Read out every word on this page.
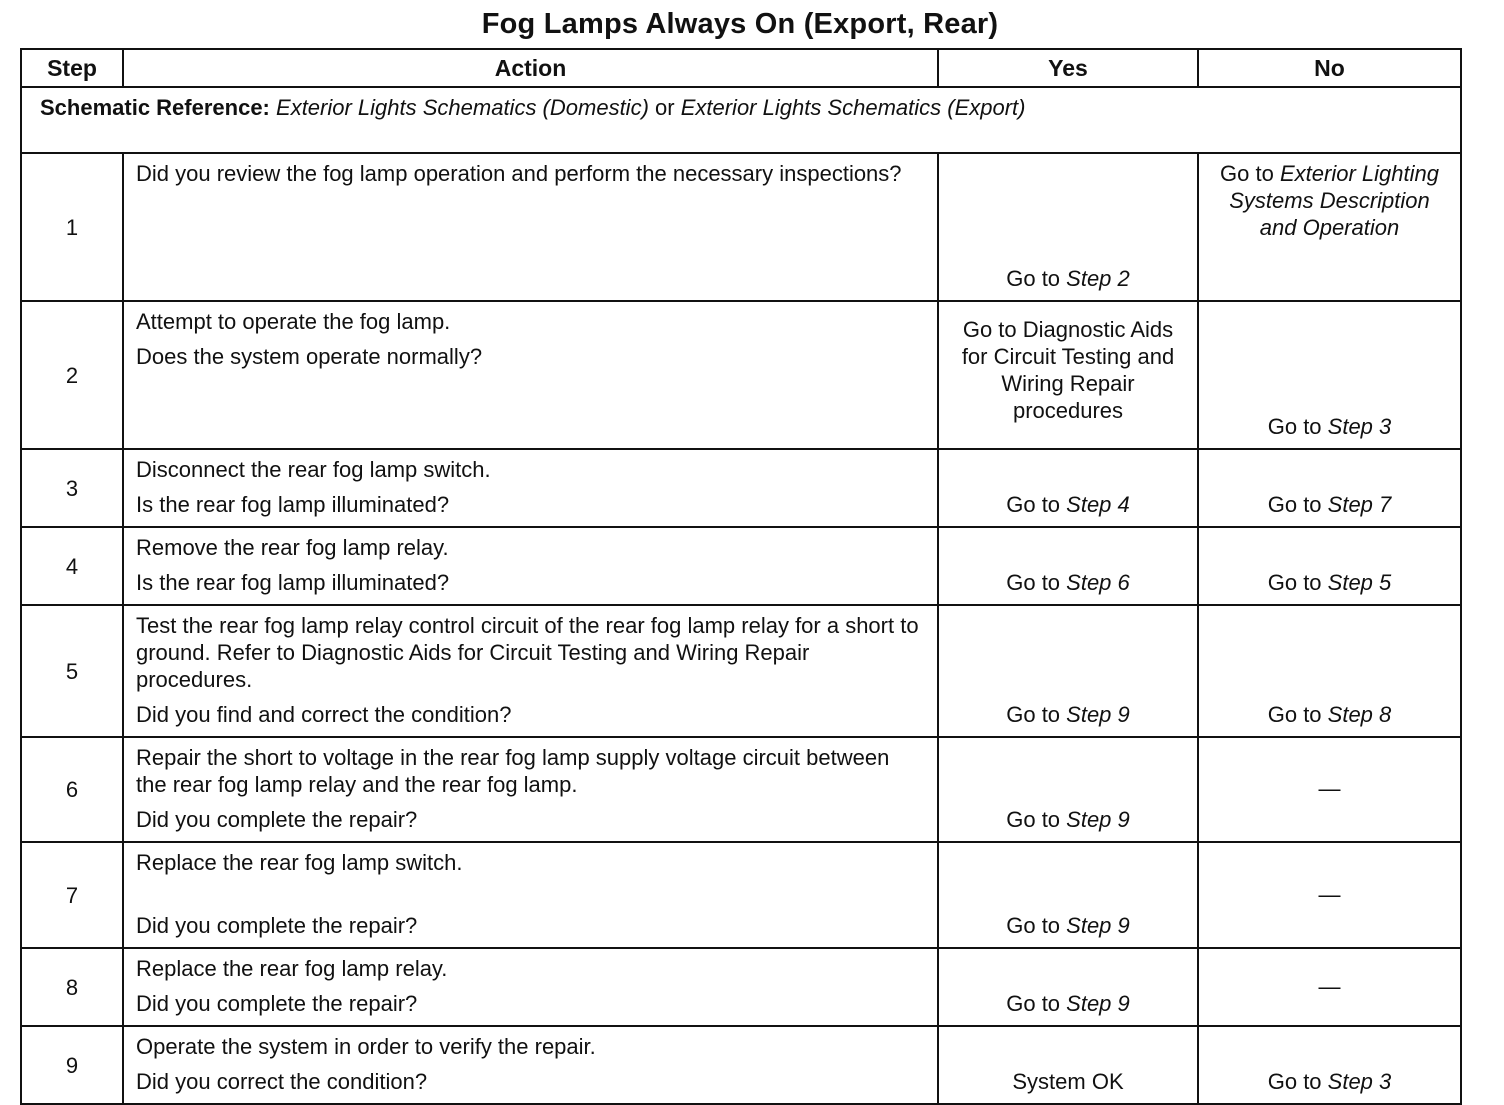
Fog Lamps Always On (Export, Rear)
Step	Action	Yes	No
Schematic Reference: Exterior Lights Schematics (Domestic) or Exterior Lights Schematics (Export)			
1	Did you review the fog lamp operation and perform the necessary inspections?	Go to Step 2	Go to Exterior Lighting Systems Description and Operation
2	Attempt to operate the fog lamp.

Does the system operate normally?	Go to Diagnostic Aids for Circuit Testing and Wiring Repair procedures	Go to Step 3
3	Disconnect the rear fog lamp switch.

Is the rear fog lamp illuminated?	Go to Step 4	Go to Step 7
4	Remove the rear fog lamp relay.

Is the rear fog lamp illuminated?	Go to Step 6	Go to Step 5
5	Test the rear fog lamp relay control circuit of the rear fog lamp relay for a short to ground. Refer to Diagnostic Aids for Circuit Testing and Wiring Repair procedures.

Did you find and correct the condition?	Go to Step 9	Go to Step 8
6	Repair the short to voltage in the rear fog lamp supply voltage circuit between the rear fog lamp relay and the rear fog lamp.

Did you complete the repair?	Go to Step 9	—
7	Replace the rear fog lamp switch.

Did you complete the repair?	Go to Step 9	—
8	Replace the rear fog lamp relay.

Did you complete the repair?	Go to Step 9	—
9	Operate the system in order to verify the repair.

Did you correct the condition?	System OK	Go to Step 3
